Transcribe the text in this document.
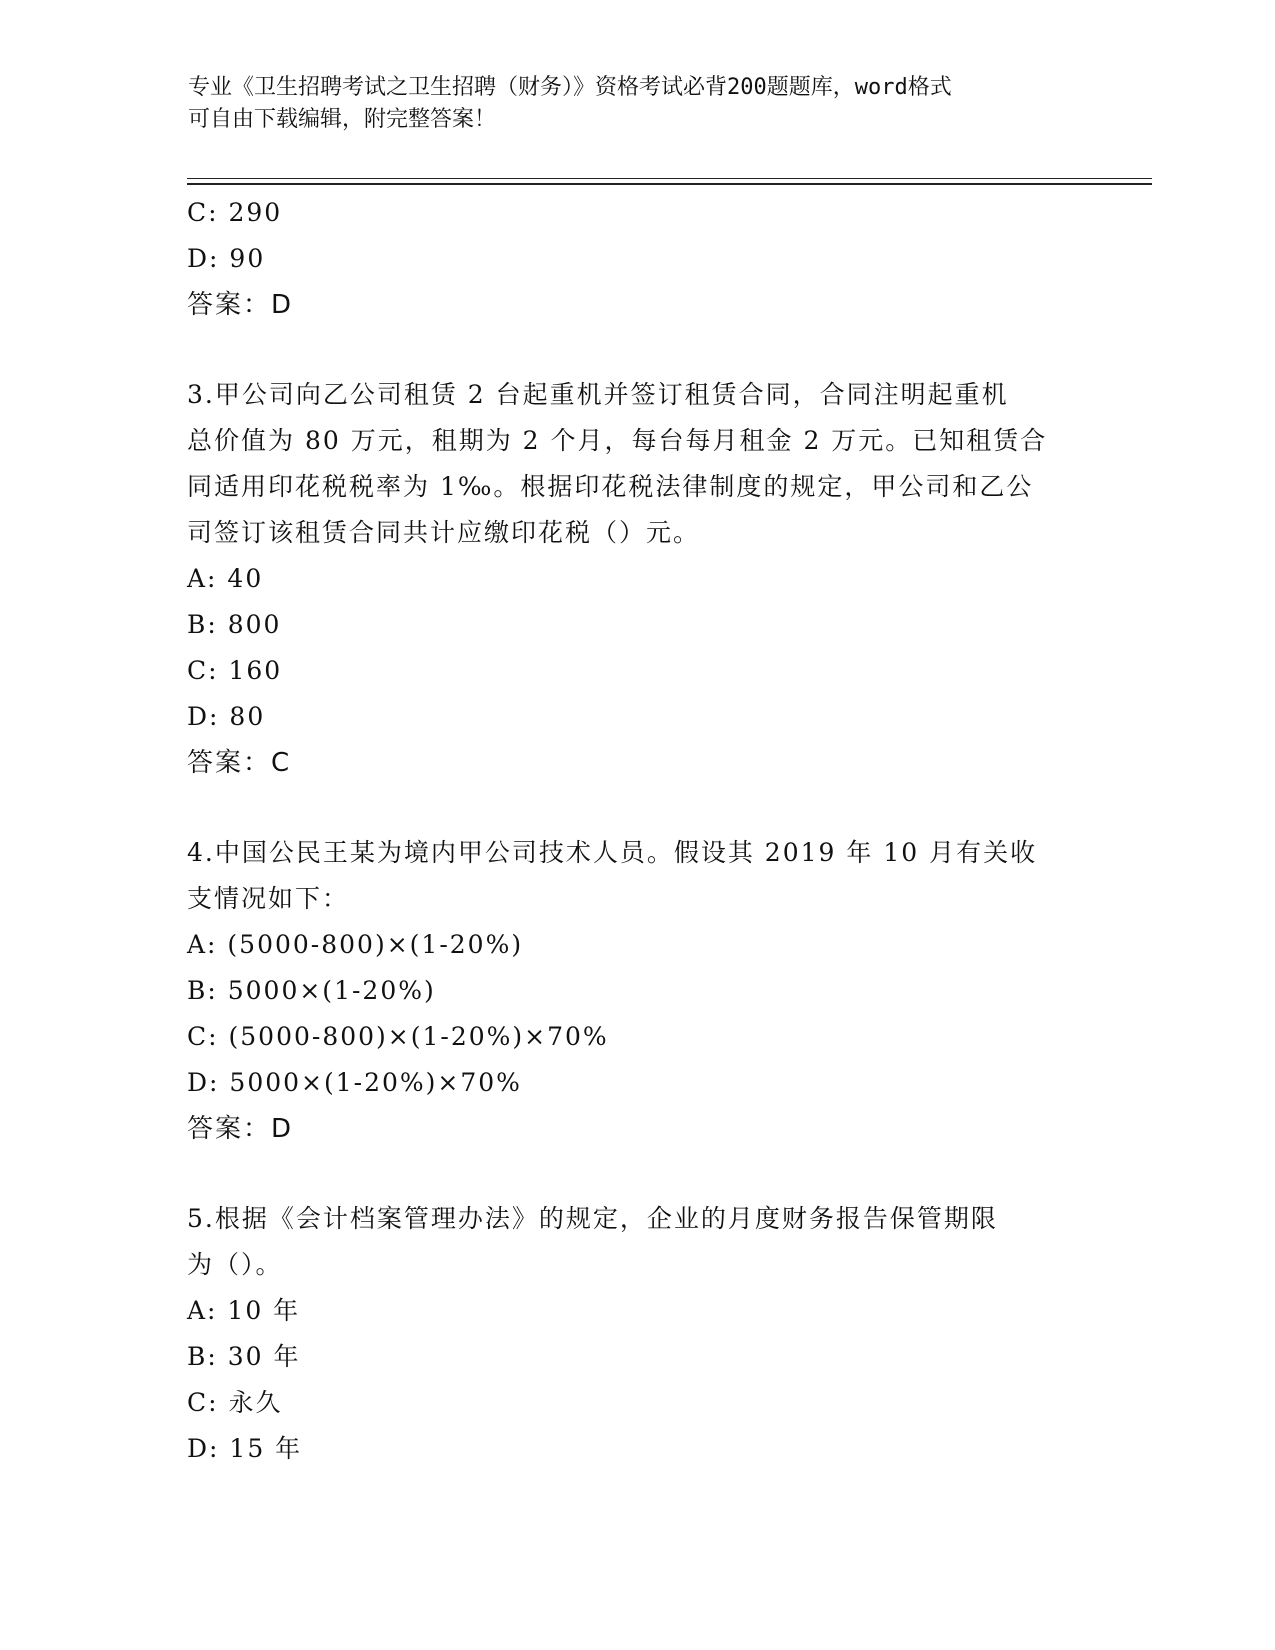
专业《卫生招聘考试之卫生招聘（财务）》资格考试必背200题题库，word格式
可自由下载编辑，附完整答案！
C: 290
D: 90
答案：D
3.甲公司向乙公司租赁 2 台起重机并签订租赁合同，合同注明起重机
总价值为 80 万元，租期为 2 个月，每台每月租金 2 万元。已知租赁合
同适用印花税税率为 1‰。根据印花税法律制度的规定，甲公司和乙公
司签订该租赁合同共计应缴印花税（）元。
A: 40
B: 800
C: 160
D: 80
答案：C
4.中国公民王某为境内甲公司技术人员。假设其 2019 年 10 月有关收
支情况如下：
A: (5000-800)×(1-20%)
B: 5000×(1-20%)
C: (5000-800)×(1-20%)×70%
D: 5000×(1-20%)×70%
答案：D
5.根据《会计档案管理办法》的规定，企业的月度财务报告保管期限
为（）。
A: 10 年
B: 30 年
C: 永久
D: 15 年
